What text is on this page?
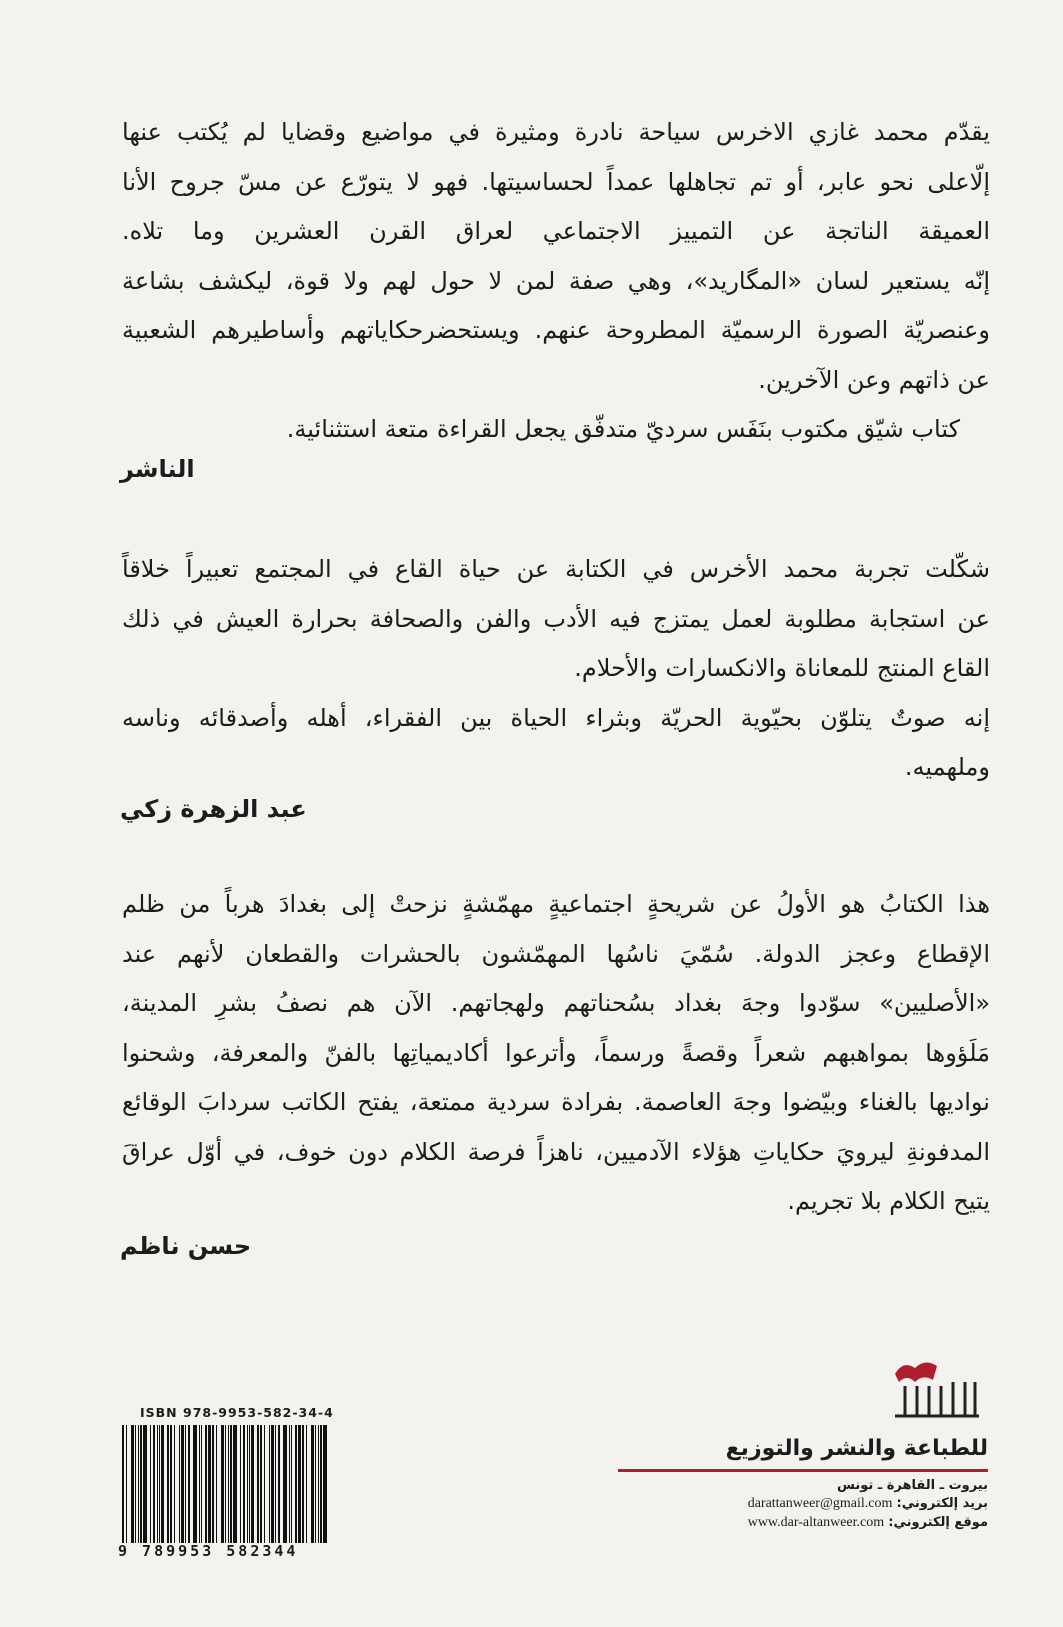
يقدّم محمد غازي الاخرس سياحة نادرة ومثيرة في مواضيع وقضايا لم يُكتب عنها
إلّاعلى نحو عابر، أو تم تجاهلها عمداً لحساسيتها. فهو لا يتورّع عن مسّ جروح الأنا
العميقة الناتجة عن التمييز الاجتماعي لعراق القرن العشرين وما تلاه.
إنّه يستعير لسان «المگاريد»، وهي صفة لمن لا حول لهم ولا قوة، ليكشف بشاعة
وعنصريّة الصورة الرسميّة المطروحة عنهم. ويستحضرحكاياتهم وأساطيرهم الشعبية
عن ذاتهم وعن الآخرين.
كتاب شيّق مكتوب بنَفَس سرديّ متدفّق يجعل القراءة متعة استثنائية.
الناشر
شكّلت تجربة محمد الأخرس في الكتابة عن حياة القاع في المجتمع تعبيراً خلاقاً
عن استجابة مطلوبة لعمل يمتزج فيه الأدب والفن والصحافة بحرارة العيش في ذلك
القاع المنتج للمعاناة والانكسارات والأحلام.
إنه صوتٌ يتلوّن بحيّوية الحريّة وبثراء الحياة بين الفقراء، أهله وأصدقائه وناسه
وملهميه.
عبد الزهرة زكي
هذا الكتابُ هو الأولُ عن شريحةٍ اجتماعيةٍ مهمّشةٍ نزحتْ إلى بغدادَ هرباً من ظلم
الإقطاع وعجز الدولة. سُمّيَ ناسُها المهمّشون بالحشرات والقطعان لأنهم عند
«الأصليين» سوّدوا وجهَ بغداد بسُحناتهم ولهجاتهم. الآن هم نصفُ بشرِ المدينة،
مَلَؤوها بمواهبهم شعراً وقصةً ورسماً، وأترعوا أكاديمياتِها بالفنّ والمعرفة، وشحنوا
نواديها بالغناء وبيّضوا وجهَ العاصمة. بفرادة سردية ممتعة، يفتح الكاتب سردابَ الوقائع
المدفونةِ ليرويَ حكاياتِ هؤلاء الآدميين، ناهزاً فرصة الكلام دون خوف، في أوّل عراقَ
يتيح الكلام بلا تجريم.
حسن ناظم
ISBN 978-9953-582-34-4
9 789953 582344
للطباعة والنشر والتوزيع
بيروت ـ القاهرة ـ تونس
بريد إلكتروني: darattanweer@gmail.com
موقع إلكتروني: www.dar-altanweer.com
